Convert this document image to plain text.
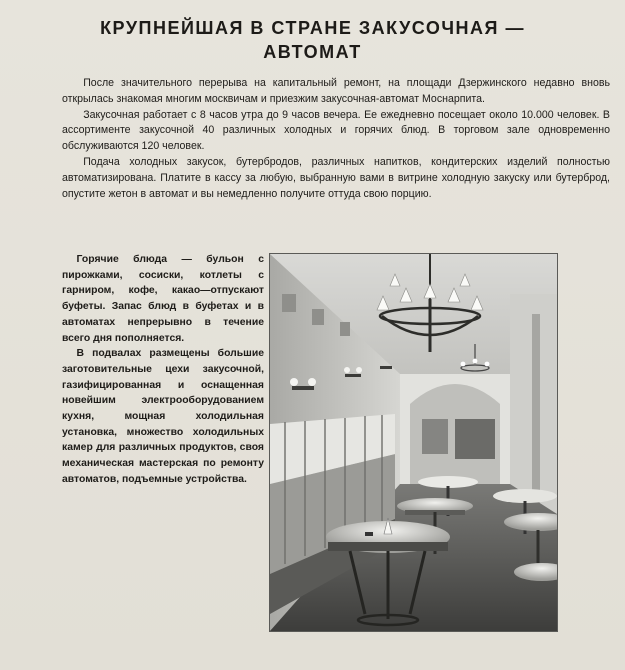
КРУПНЕЙШАЯ В СТРАНЕ ЗАКУСОЧНАЯ —
АВТОМАТ

После значительного перерыва на капитальный ремонт, на площади Дзержинского недавно вновь открылась знакомая многим москвичам и приезжим закусочная-автомат Моснарпита.

Закусочная работает с 8 часов утра до 9 часов вечера. Ее ежедневно посещает около 10.000 человек. В ассортименте закусочной 40 различных холодных и горячих блюд. В торговом зале одновременно обслуживаются 120 человек.

Подача холодных закусок, бутербродов, различных напитков, кондитерских изделий полностью автоматизирована. Платите в кассу за любую, выбранную вами в витрине холодную закуску или бутерброд, опустите жетон в автомат и вы немедленно получите оттуда свою порцию.

Горячие блюда — бульон с пирожками, сосиски, котлеты с гарниром, кофе, какао—отпускают буфеты. Запас блюд в буфетах и в автоматах непрерывно в течение всего дня пополняется.

В подвалах размещены большие заготовительные цехи закусочной, газифицированная и оснащенная новейшим электрооборудованием кухня, мощная холодильная установка, множество холодильных камер для различных продуктов, своя механическая мастерская по ремонту автоматов, подъемные устройства.
